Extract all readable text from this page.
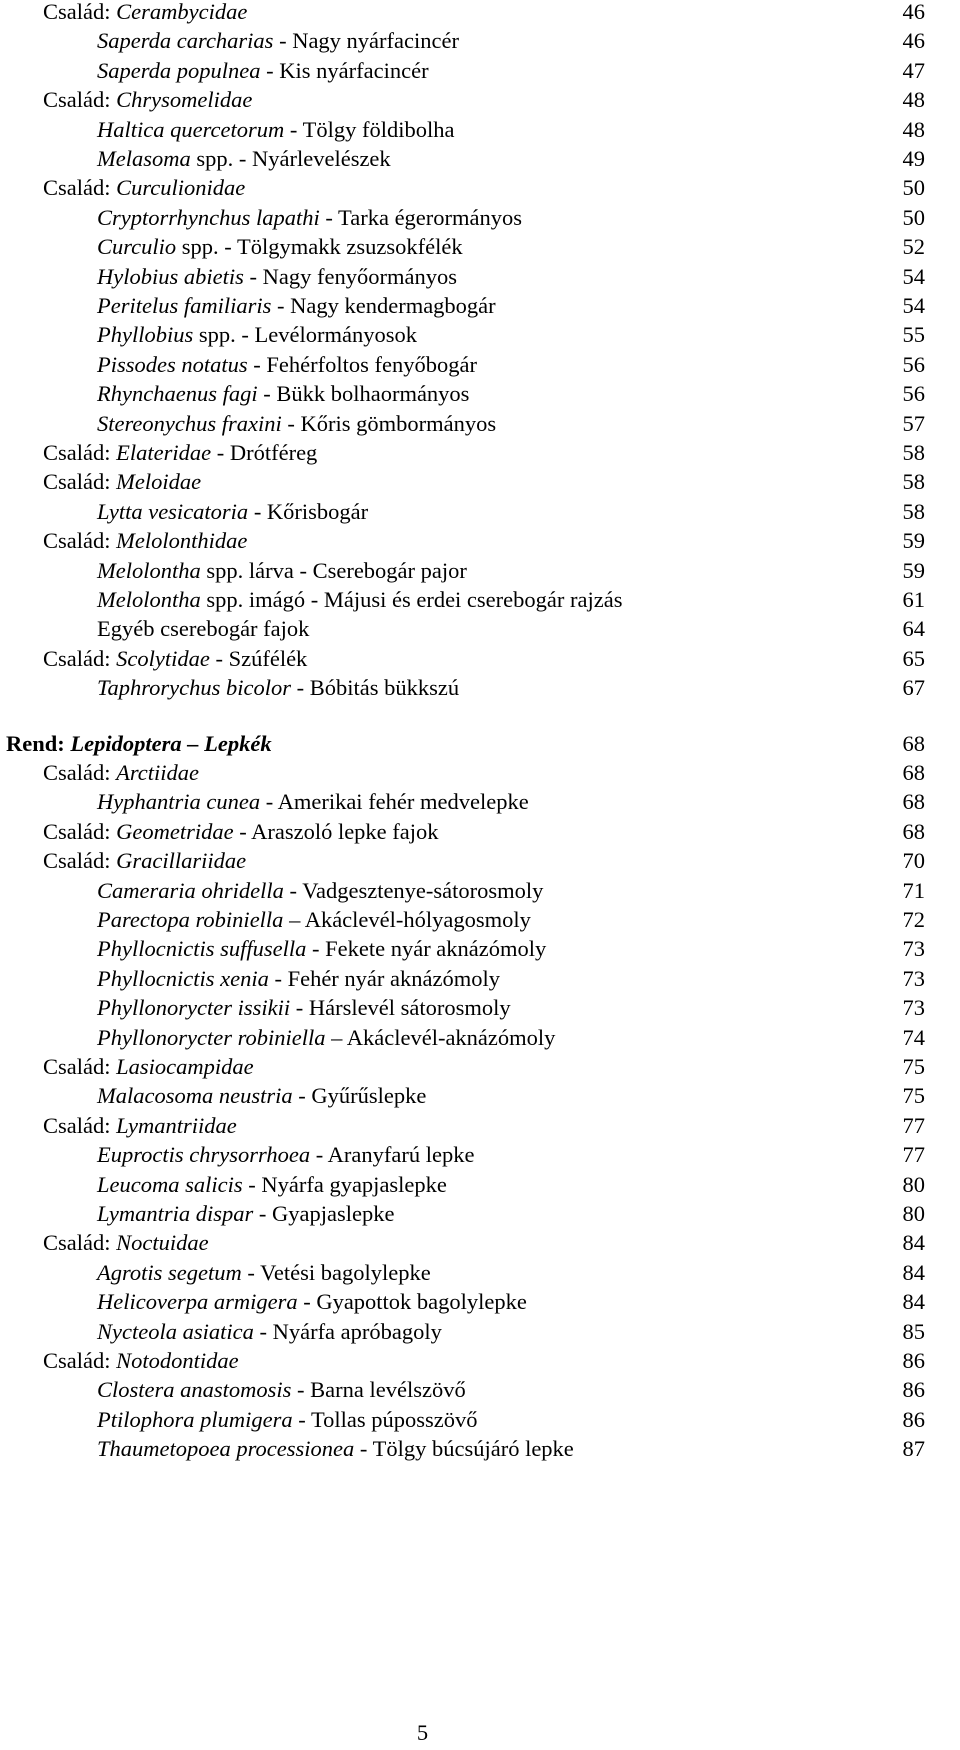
Család: Cerambycidae	46
Saperda carcharias - Nagy nyárfacincér	46
Saperda populnea - Kis nyárfacincér	47
Család: Chrysomelidae	48
Haltica quercetorum - Tölgy földibolha	48
Melasoma spp. - Nyárlevelészek	49
Család: Curculionidae	50
Cryptorrhynchus lapathi - Tarka égerormányos	50
Curculio spp. - Tölgymakk zsuzsokfélék	52
Hylobius abietis - Nagy fenyőormányos	54
Peritelus familiaris - Nagy kendermagbogár	54
Phyllobius spp. - Levélormányosok	55
Pissodes notatus - Fehérfoltos fenyőbogár	56
Rhynchaenus fagi - Bükk bolhaormányos	56
Stereonychus fraxini - Kőris gömbormányos	57
Család: Elateridae - Drótféreg	58
Család: Meloidae	58
Lytta vesicatoria - Kőrisbogár	58
Család: Melolonthidae	59
Melolontha spp. lárva - Cserebogár pajor	59
Melolontha spp. imágó - Májusi és erdei cserebogár rajzás	61
Egyéb cserebogár fajok	64
Család: Scolytidae - Szúfélék	65
Taphrorychus bicolor - Bóbitás bükkszú	67
Rend: Lepidoptera – Lepkék	68
Család: Arctiidae	68
Hyphantria cunea - Amerikai fehér medvelepke	68
Család: Geometridae - Araszoló lepke fajok	68
Család: Gracillariidae	70
Cameraria ohridella - Vadgesztenye-sátorosmoly	71
Parectopa robiniella – Akáclevél-hólyagosmoly	72
Phyllocnictis suffusella - Fekete nyár aknázómoly	73
Phyllocnictis xenia - Fehér nyár aknázómoly	73
Phyllonorycter issikii - Hárslevél sátorosmoly	73
Phyllonorycter robiniella – Akáclevél-aknázómoly	74
Család: Lasiocampidae	75
Malacosoma neustria - Gyűrűslepke	75
Család: Lymantriidae	77
Euproctis chrysorrhoea - Aranyfarú lepke	77
Leucoma salicis - Nyárfa gyapjaslepke	80
Lymantria dispar - Gyapjaslepke	80
Család: Noctuidae	84
Agrotis segetum - Vetési bagolylepke	84
Helicoverpa armigera - Gyapottok bagolylepke	84
Nycteola asiatica - Nyárfa apróbagoly	85
Család: Notodontidae	86
Clostera anastomosis - Barna levélszövő	86
Ptilophora plumigera - Tollas púposszövő	86
Thaumetopoea processionea - Tölgy búcsújáró lepke	87
5
